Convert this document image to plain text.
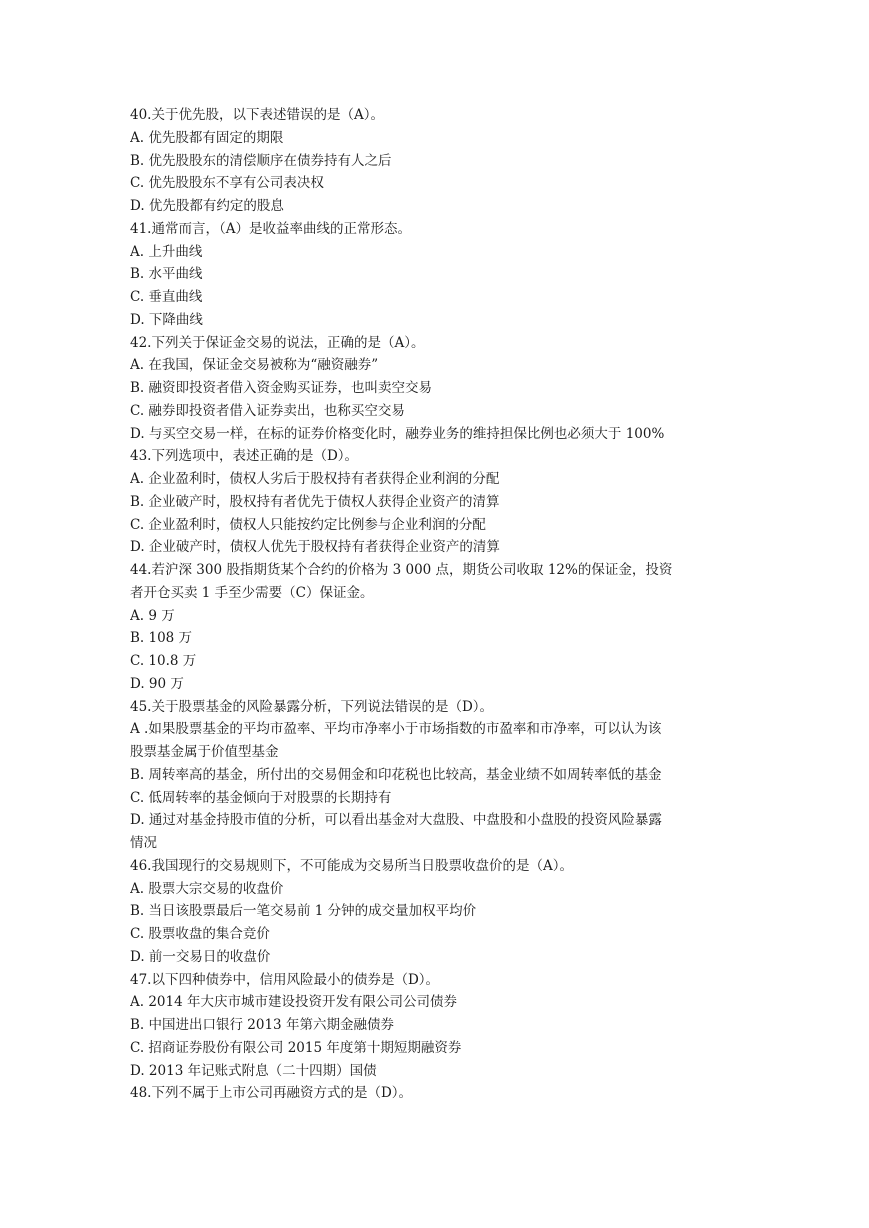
40.关于优先股，以下表述错误的是（A）。
A. 优先股都有固定的期限
B. 优先股股东的清偿顺序在债券持有人之后
C. 优先股股东不享有公司表决权
D. 优先股都有约定的股息
41.通常而言，（A）是收益率曲线的正常形态。
A. 上升曲线
B. 水平曲线
C. 垂直曲线
D. 下降曲线
42.下列关于保证金交易的说法，正确的是（A）。
A. 在我国，保证金交易被称为“融资融券”
B. 融资即投资者借入资金购买证券，也叫卖空交易
C. 融券即投资者借入证券卖出，也称买空交易
D. 与买空交易一样，在标的证券价格变化时，融券业务的维持担保比例也必须大于 100%
43.下列选项中，表述正确的是（D）。
A. 企业盈利时，债权人劣后于股权持有者获得企业利润的分配
B. 企业破产时，股权持有者优先于债权人获得企业资产的清算
C. 企业盈利时，债权人只能按约定比例参与企业利润的分配
D. 企业破产时，债权人优先于股权持有者获得企业资产的清算
44.若沪深 300 股指期货某个合约的价格为 3 000 点，期货公司收取 12%的保证金，投资
者开仓买卖 1 手至少需要（C）保证金。
A. 9 万
B. 108 万
C. 10.8 万
D. 90 万
45.关于股票基金的风险暴露分析，下列说法错误的是（D）。
A .如果股票基金的平均市盈率、平均市净率小于市场指数的市盈率和市净率，可以认为该
股票基金属于价值型基金
B. 周转率高的基金，所付出的交易佣金和印花税也比较高，基金业绩不如周转率低的基金
C. 低周转率的基金倾向于对股票的长期持有
D. 通过对基金持股市值的分析，可以看出基金对大盘股、中盘股和小盘股的投资风险暴露
情况
46.我国现行的交易规则下，不可能成为交易所当日股票收盘价的是（A）。
A. 股票大宗交易的收盘价
B. 当日该股票最后一笔交易前 1 分钟的成交量加权平均价
C. 股票收盘的集合竞价
D. 前一交易日的收盘价
47.以下四种债券中，信用风险最小的债券是（D）。
A. 2014 年大庆市城市建设投资开发有限公司公司债券
B. 中国进出口银行 2013 年第六期金融债券
C. 招商证券股份有限公司 2015 年度第十期短期融资券
D. 2013 年记账式附息（二十四期）国债
48.下列不属于上市公司再融资方式的是（D）。
